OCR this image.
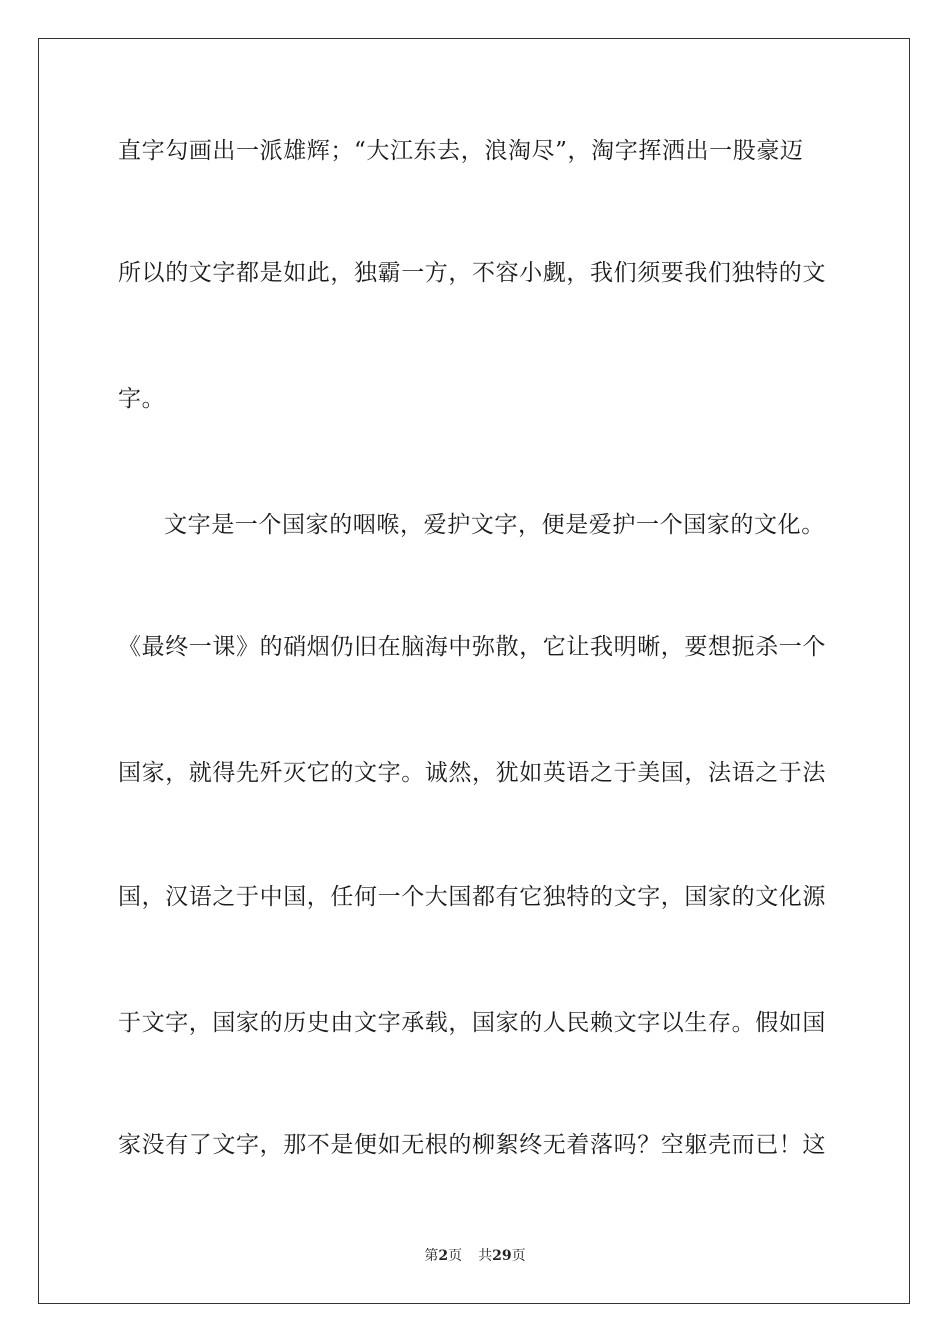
直字勾画出一派雄辉；“大江东去，浪淘尽”，淘字挥洒出一股豪迈
所以的文字都是如此，独霸一方，不容小觑，我们须要我们独特的文
字。
文字是一个国家的咽喉，爱护文字，便是爱护一个国家的文化。
《最终一课》的硝烟仍旧在脑海中弥散，它让我明晰，要想扼杀一个
国家，就得先歼灭它的文字。诚然，犹如英语之于美国，法语之于法
国，汉语之于中国，任何一个大国都有它独特的文字，国家的文化源
于文字，国家的历史由文字承载，国家的人民赖文字以生存。假如国
家没有了文字，那不是便如无根的柳絮终无着落吗？空躯壳而已！这
第2页 共29页
